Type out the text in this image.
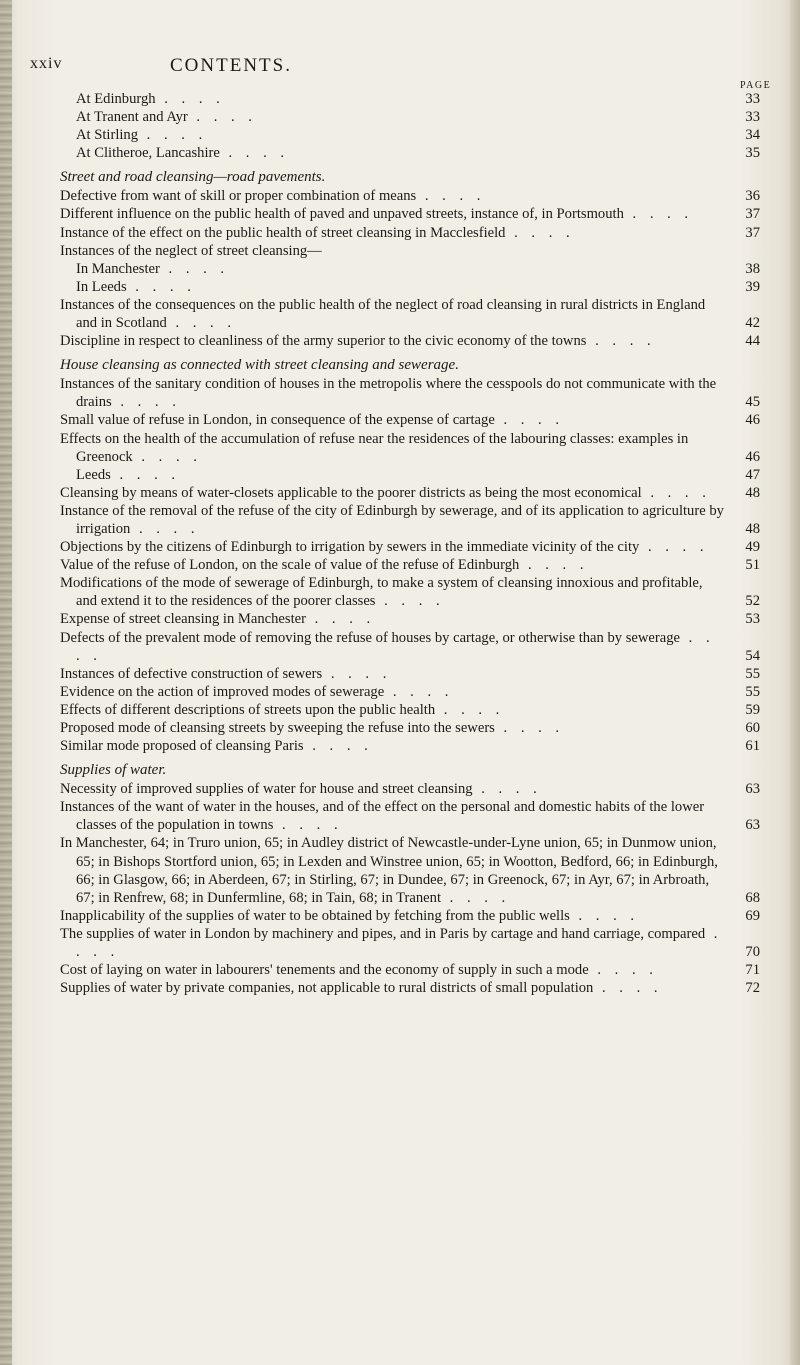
xxiv	CONTENTS.
PAGE
At Edinburgh . . . .	33
At Tranent and Ayr . . . .	33
At Stirling . . . .	34
At Clitheroe, Lancashire . . . .	35
Street and road cleansing—road pavements.
Defective from want of skill or proper combination of means . . . .	36
Different influence on the public health of paved and unpaved streets, instance of, in Portsmouth . . . .	37
Instance of the effect on the public health of street cleansing in Macclesfield . . . .	37
Instances of the neglect of street cleansing—
In Manchester . . . .	38
In Leeds . . . .	39
Instances of the consequences on the public health of the neglect of road cleansing in rural districts in England and in Scotland . . . .	42
Discipline in respect to cleanliness of the army superior to the civic economy of the towns . . . .	44
House cleansing as connected with street cleansing and sewerage.
Instances of the sanitary condition of houses in the metropolis where the cesspools do not communicate with the drains . . . .	45
Small value of refuse in London, in consequence of the expense of cartage . . . .	46
Effects on the health of the accumulation of refuse near the residences of the labouring classes: examples in
Greenock . . . .	46
Leeds . . . .	47
Cleansing by means of water-closets applicable to the poorer districts as being the most economical . . . .	48
Instance of the removal of the refuse of the city of Edinburgh by sewerage, and of its application to agriculture by irrigation . . . .	48
Objections by the citizens of Edinburgh to irrigation by sewers in the immediate vicinity of the city . . . .	49
Value of the refuse of London, on the scale of value of the refuse of Edinburgh . . . .	51
Modifications of the mode of sewerage of Edinburgh, to make a system of cleansing innoxious and profitable, and extend it to the residences of the poorer classes . . . .	52
Expense of street cleansing in Manchester . . . .	53
Defects of the prevalent mode of removing the refuse of houses by cartage, or otherwise than by sewerage . . . .	54
Instances of defective construction of sewers . . . .	55
Evidence on the action of improved modes of sewerage . . . .	55
Effects of different descriptions of streets upon the public health . . . .	59
Proposed mode of cleansing streets by sweeping the refuse into the sewers . . . .	60
Similar mode proposed of cleansing Paris . . . .	61
Supplies of water.
Necessity of improved supplies of water for house and street cleansing . . . .	63
Instances of the want of water in the houses, and of the effect on the personal and domestic habits of the lower classes of the population in towns . . . .	63
In Manchester, 64; in Truro union, 65; in Audley district of Newcastle-under-Lyne union, 65; in Dunmow union, 65; in Bishops Stortford union, 65; in Lexden and Winstree union, 65; in Wootton, Bedford, 66; in Edinburgh, 66; in Glasgow, 66; in Aberdeen, 67; in Stirling, 67; in Dundee, 67; in Greenock, 67; in Ayr, 67; in Arbroath, 67; in Renfrew, 68; in Dunfermline, 68; in Tain, 68; in Tranent . . . .	68
Inapplicability of the supplies of water to be obtained by fetching from the public wells . . . .	69
The supplies of water in London by machinery and pipes, and in Paris by cartage and hand carriage, compared . . . .	70
Cost of laying on water in labourers' tenements and the economy of supply in such a mode . . . .	71
Supplies of water by private companies, not applicable to rural districts of small population . . . .	72
